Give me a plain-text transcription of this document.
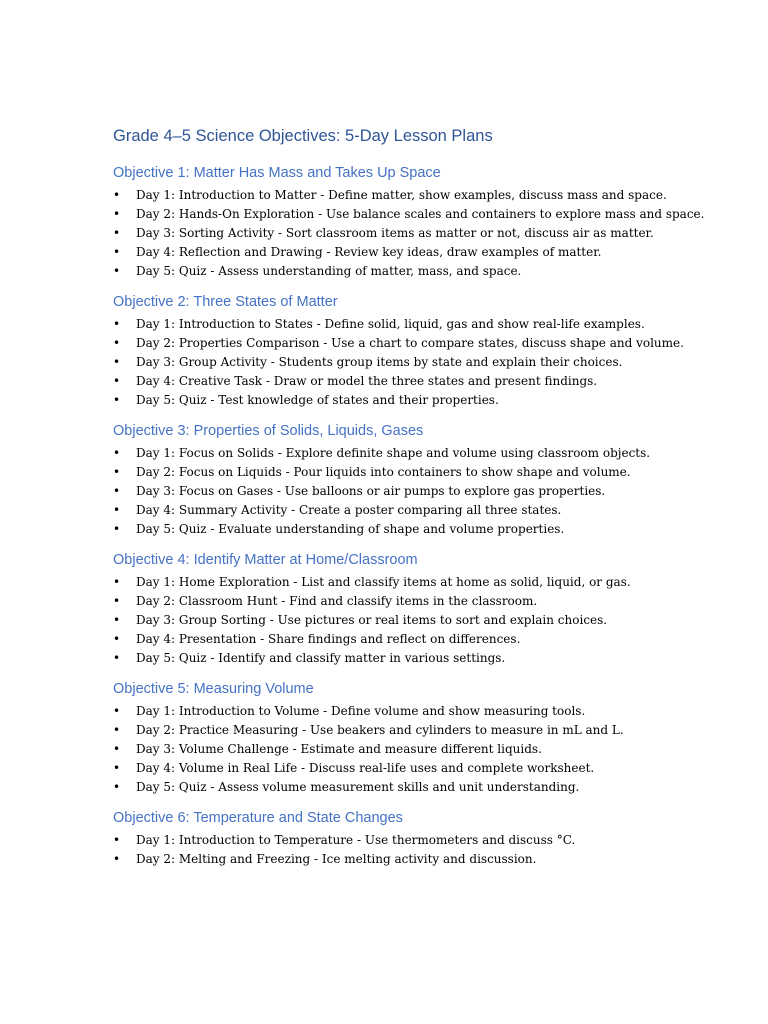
Grade 4–5 Science Objectives: 5-Day Lesson Plans
Objective 1: Matter Has Mass and Takes Up Space
• Day 1: Introduction to Matter - Define matter, show examples, discuss mass and space.
• Day 2: Hands-On Exploration - Use balance scales and containers to explore mass and space.
• Day 3: Sorting Activity - Sort classroom items as matter or not, discuss air as matter.
• Day 4: Reflection and Drawing - Review key ideas, draw examples of matter.
• Day 5: Quiz - Assess understanding of matter, mass, and space.
Objective 2: Three States of Matter
• Day 1: Introduction to States - Define solid, liquid, gas and show real-life examples.
• Day 2: Properties Comparison - Use a chart to compare states, discuss shape and volume.
• Day 3: Group Activity - Students group items by state and explain their choices.
• Day 4: Creative Task - Draw or model the three states and present findings.
• Day 5: Quiz - Test knowledge of states and their properties.
Objective 3: Properties of Solids, Liquids, Gases
• Day 1: Focus on Solids - Explore definite shape and volume using classroom objects.
• Day 2: Focus on Liquids - Pour liquids into containers to show shape and volume.
• Day 3: Focus on Gases - Use balloons or air pumps to explore gas properties.
• Day 4: Summary Activity - Create a poster comparing all three states.
• Day 5: Quiz - Evaluate understanding of shape and volume properties.
Objective 4: Identify Matter at Home/Classroom
• Day 1: Home Exploration - List and classify items at home as solid, liquid, or gas.
• Day 2: Classroom Hunt - Find and classify items in the classroom.
• Day 3: Group Sorting - Use pictures or real items to sort and explain choices.
• Day 4: Presentation - Share findings and reflect on differences.
• Day 5: Quiz - Identify and classify matter in various settings.
Objective 5: Measuring Volume
• Day 1: Introduction to Volume - Define volume and show measuring tools.
• Day 2: Practice Measuring - Use beakers and cylinders to measure in mL and L.
• Day 3: Volume Challenge - Estimate and measure different liquids.
• Day 4: Volume in Real Life - Discuss real-life uses and complete worksheet.
• Day 5: Quiz - Assess volume measurement skills and unit understanding.
Objective 6: Temperature and State Changes
• Day 1: Introduction to Temperature - Use thermometers and discuss °C.
• Day 2: Melting and Freezing - Ice melting activity and discussion.
